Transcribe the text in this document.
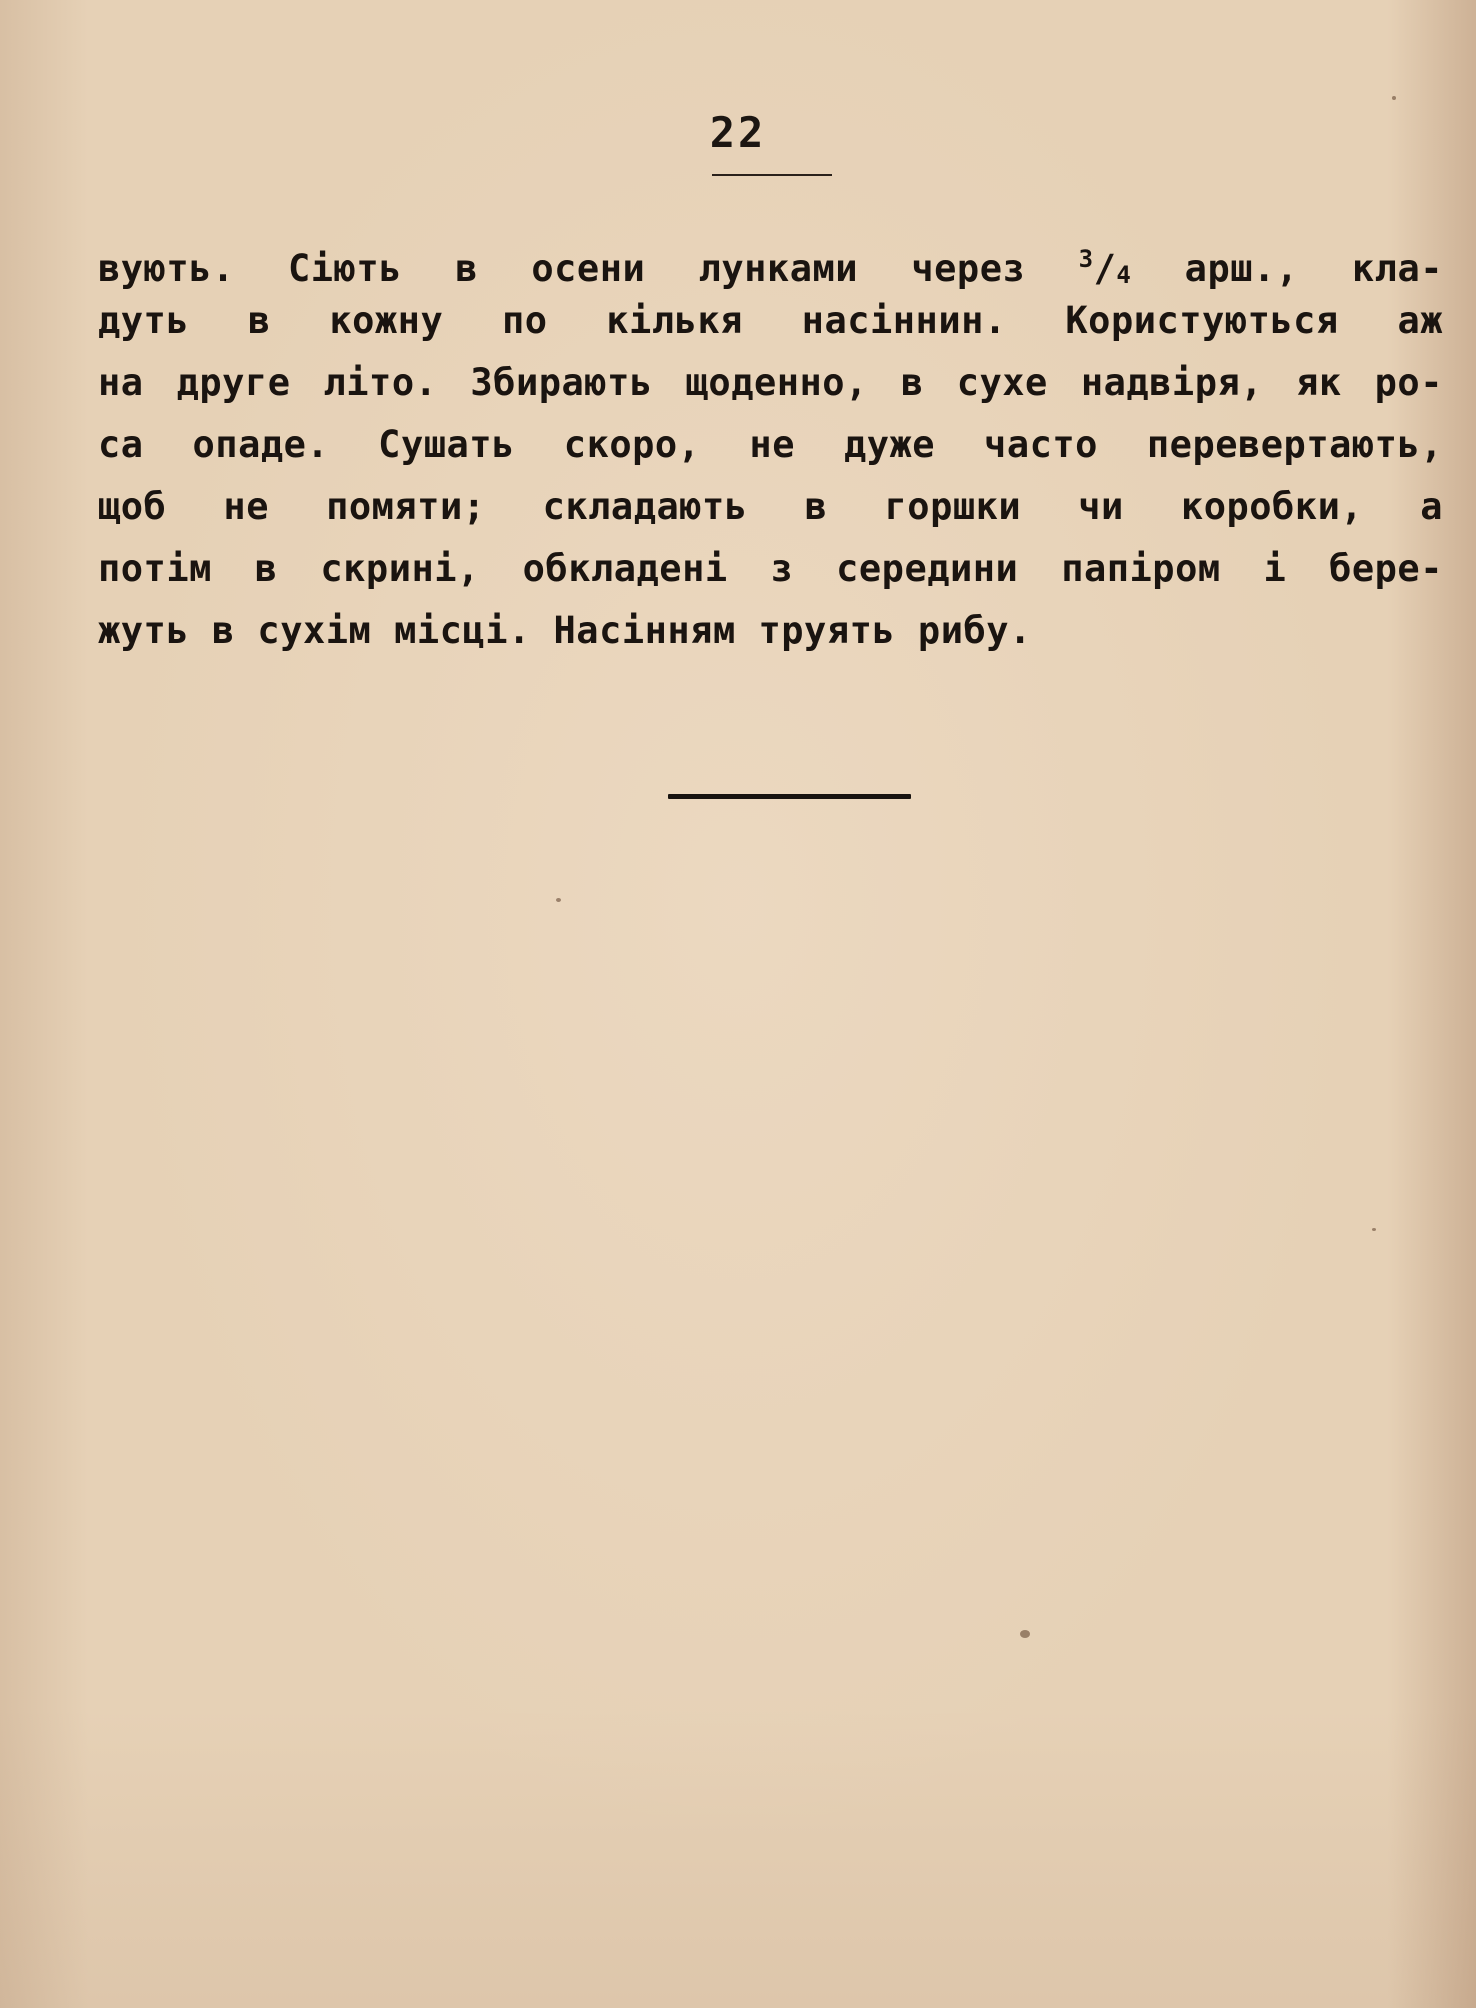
22
вують. Сіють в осени лунками через $^3$/4 арш., кла-
дуть в кожну по кількя насіннин. Користуються аж
на друге літо. Збирають щоденно, в сухе надвіря, як ро-
са опаде. Сушать скоро, не дуже часто перевертають,
щоб не помяти; складають в горшки чи коробки, а
потім в скрині, обкладені з середини папіром і бере-
жуть в сухім місці. Насінням труять рибу.
